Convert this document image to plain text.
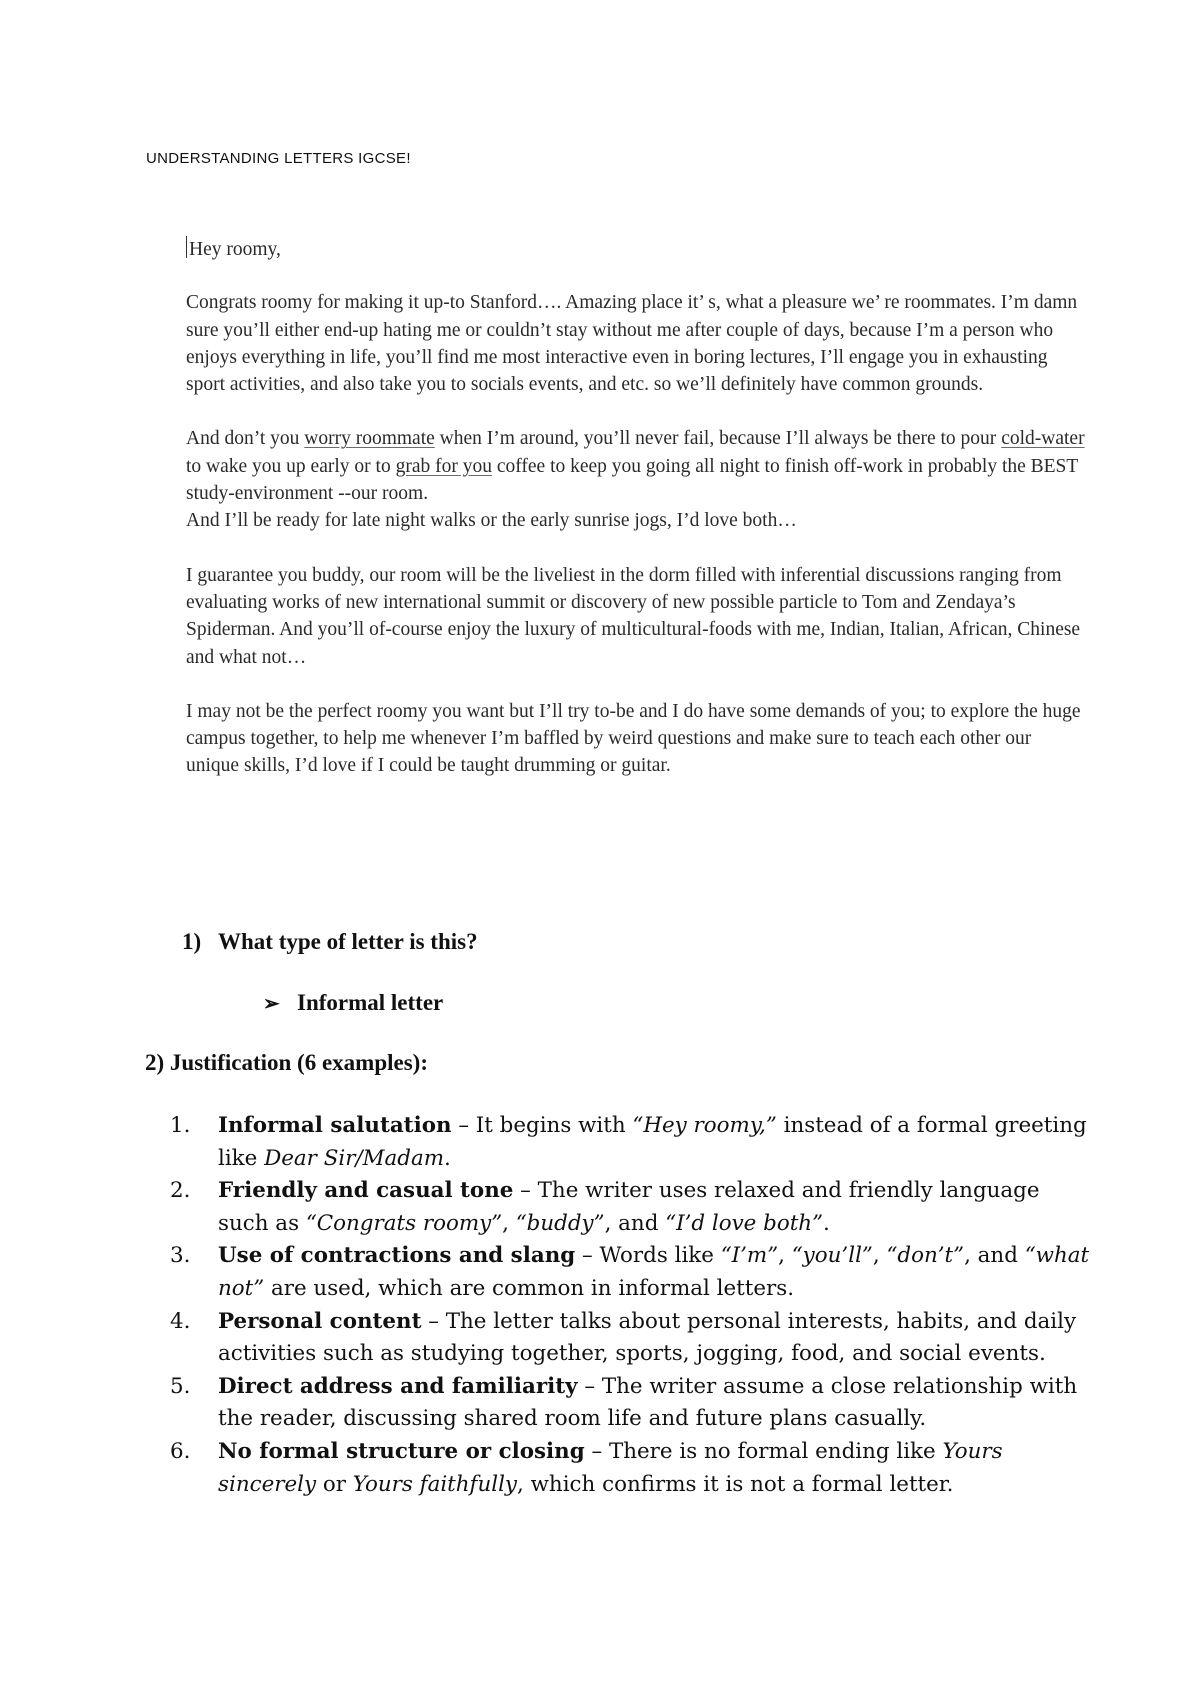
UNDERSTANDING LETTERS IGCSE!

Hey roomy,

Congrats roomy for making it up-to Stanford…. Amazing place it’ s, what a pleasure we’ re roommates. I’m damn sure you’ll either end-up hating me or couldn’t stay without me after couple of days, because I’m a person who enjoys everything in life, you’ll find me most interactive even in boring lectures, I’ll engage you in exhausting sport activities, and also take you to socials events, and etc. so we’ll definitely have common grounds.

And don’t you worry roommate when I’m around, you’ll never fail, because I’ll always be there to pour cold-water to wake you up early or to grab for you coffee to keep you going all night to finish off-work in probably the BEST study-environment --our room.
And I’ll be ready for late night walks or the early sunrise jogs, I’d love both…

I guarantee you buddy, our room will be the liveliest in the dorm filled with inferential discussions ranging from evaluating works of new international summit or discovery of new possible particle to Tom and Zendaya’s Spiderman. And you’ll of-course enjoy the luxury of multicultural-foods with me, Indian, Italian, African, Chinese and what not…

I may not be the perfect roomy you want but I’ll try to-be and I do have some demands of you; to explore the huge campus together, to help me whenever I’m baffled by weird questions and make sure to teach each other our unique skills, I’d love if I could be taught drumming or guitar.

1) What type of letter is this?
➢ Informal letter
2) Justification (6 examples):
1. Informal salutation – It begins with “Hey roomy,” instead of a formal greeting like Dear Sir/Madam.
2. Friendly and casual tone – The writer uses relaxed and friendly language such as “Congrats roomy”, “buddy”, and “I’d love both”.
3. Use of contractions and slang – Words like “I’m”, “you’ll”, “don’t”, and “what not” are used, which are common in informal letters.
4. Personal content – The letter talks about personal interests, habits, and daily activities such as studying together, sports, jogging, food, and social events.
5. Direct address and familiarity – The writer assume a close relationship with the reader, discussing shared room life and future plans casually.
6. No formal structure or closing – There is no formal ending like Yours sincerely or Yours faithfully, which confirms it is not a formal letter.
